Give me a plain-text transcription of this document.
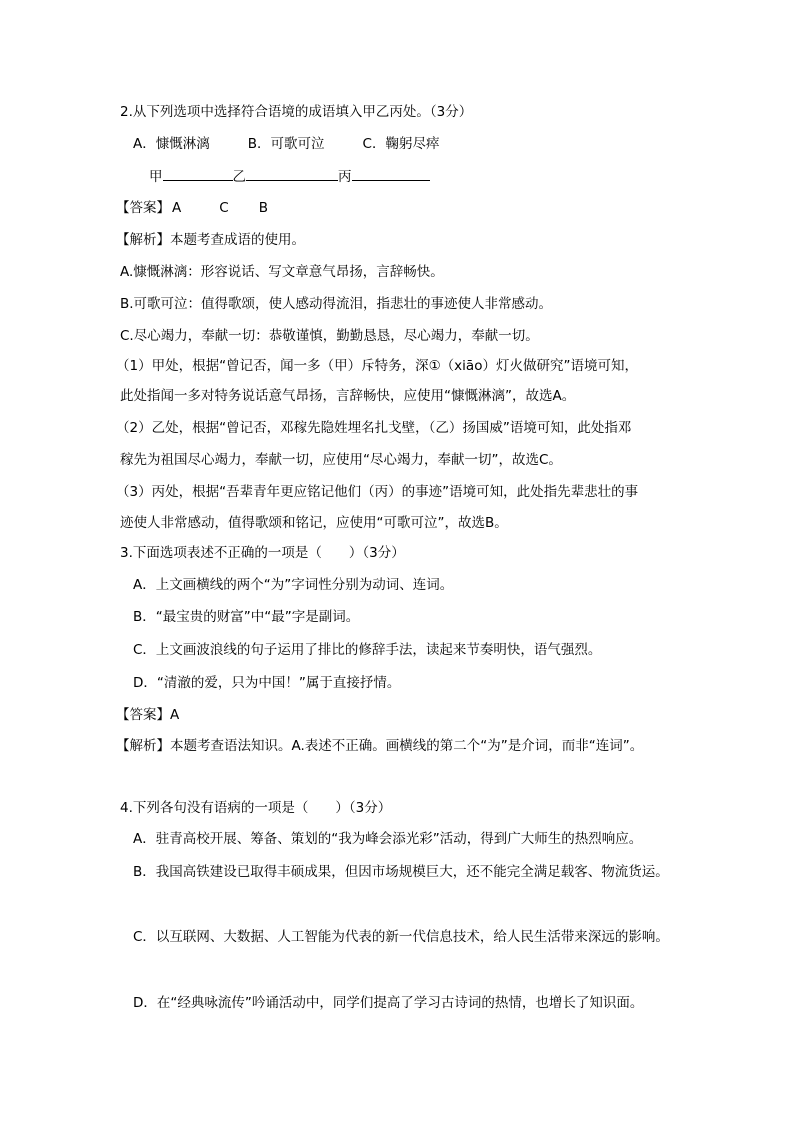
2.从下列选项中选择符合语境的成语填入甲乙丙处。（3分）
A．慷慨淋漓	B．可歌可泣	C．鞠躬尽瘁
甲	乙	丙
【答案】 A	C B
【解析】本题考查成语的使用。
A.慷慨淋漓：形容说话、写文章意气昂扬，言辞畅快。
B.可歌可泣：值得歌颂，使人感动得流泪，指悲壮的事迹使人非常感动。
C.尽心竭力，奉献一切：恭敬谨慎，勤勤恳恳，尽心竭力，奉献一切。
（1）甲处，根据“曾记否，闻一多（甲）斥特务，深①（xiāo）灯火做研究”语境可知，
此处指闻一多对特务说话意气昂扬，言辞畅快，应使用“慷慨淋漓”，故选A。
（2）乙处，根据“曾记否，邓稼先隐姓埋名扎戈壁，（乙）扬国威”语境可知，此处指邓
稼先为祖国尽心竭力，奉献一切，应使用“尽心竭力，奉献一切”，故选C。
（3）丙处，根据“吾辈青年更应铭记他们（丙）的事迹”语境可知，此处指先辈悲壮的事
迹使人非常感动，值得歌颂和铭记，应使用“可歌可泣”，故选B。
3.下面选项表述不正确的一项是（　　）（3分）
A．上文画横线的两个“为”字词性分别为动词、连词。
B．“最宝贵的财富”中“最”字是副词。
C．上文画波浪线的句子运用了排比的修辞手法，读起来节奏明快，语气强烈。
D．“清澈的爱，只为中国！”属于直接抒情。
【答案】A
【解析】本题考查语法知识。A.表述不正确。画横线的第二个“为”是介词，而非“连词”。
4.下列各句没有语病的一项是（　　）（3分）
A．驻青高校开展、筹备、策划的“我为峰会添光彩”活动，得到广大师生的热烈响应。
B．我国高铁建设已取得丰硕成果，但因市场规模巨大，还不能完全满足载客、物流货运。
C．以互联网、大数据、人工智能为代表的新一代信息技术，给人民生活带来深远的影响。
D．在“经典咏流传”吟诵活动中，同学们提高了学习古诗词的热情，也增长了知识面。
